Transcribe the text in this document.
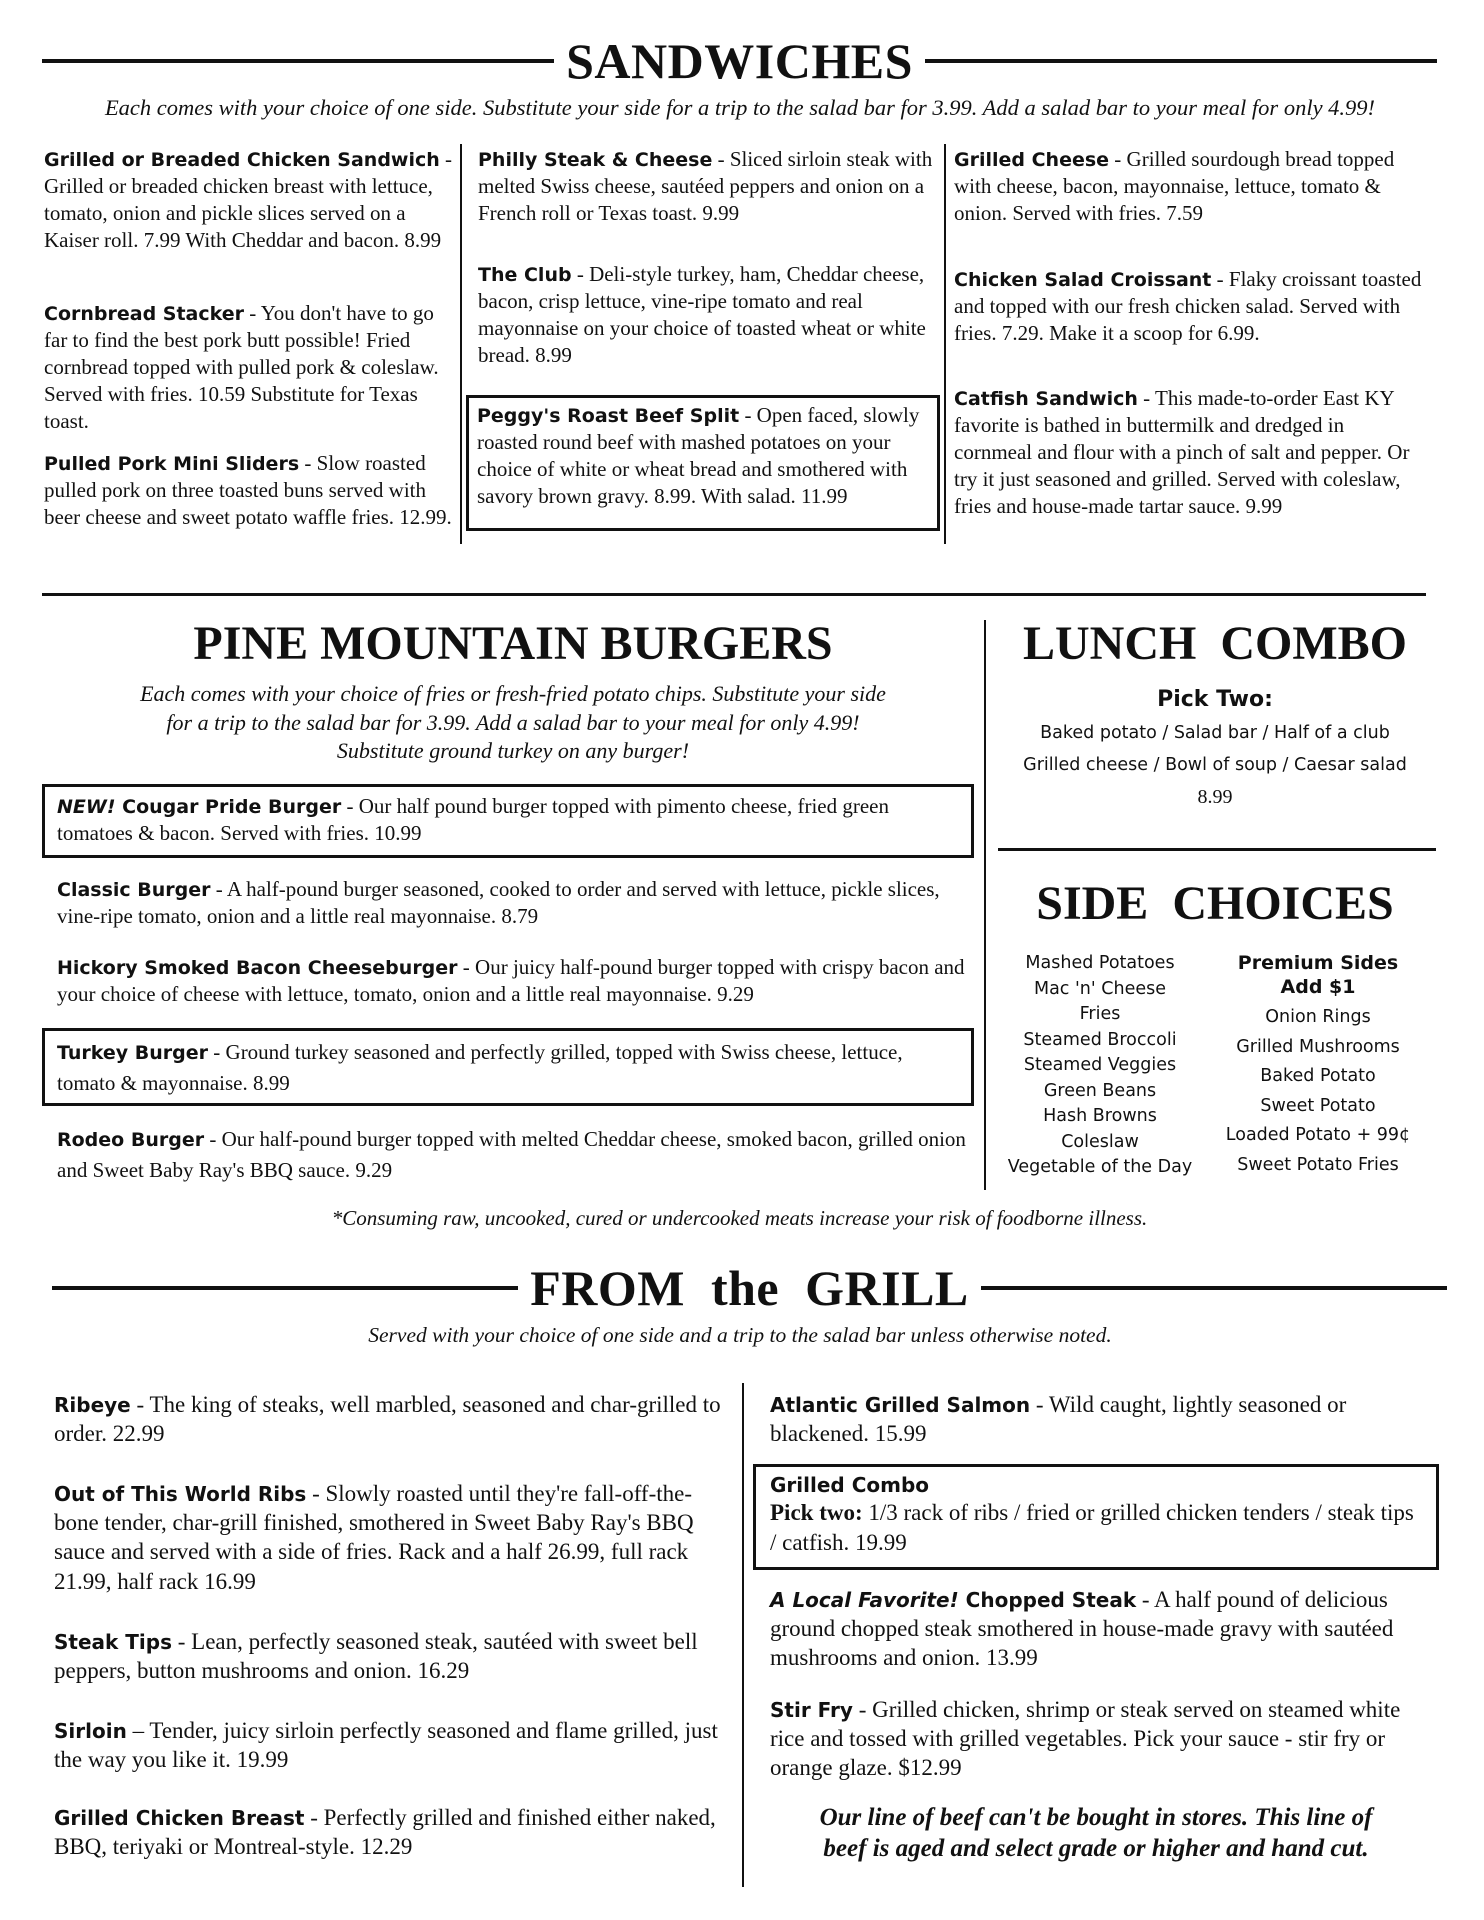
SANDWICHES
Each comes with your choice of one side. Substitute your side for a trip to the salad bar for 3.99. Add a salad bar to your meal for only 4.99!
Grilled or Breaded Chicken Sandwich - Grilled or breaded chicken breast with lettuce, tomato, onion and pickle slices served on a Kaiser roll. 7.99 With Cheddar and bacon. 8.99
Cornbread Stacker - You don't have to go far to find the best pork butt possible! Fried cornbread topped with pulled pork & coleslaw. Served with fries. 10.59 Substitute for Texas toast.
Pulled Pork Mini Sliders - Slow roasted pulled pork on three toasted buns served with beer cheese and sweet potato waffle fries. 12.99.
Philly Steak & Cheese - Sliced sirloin steak with melted Swiss cheese, sautéed peppers and onion on a French roll or Texas toast. 9.99
The Club - Deli-style turkey, ham, Cheddar cheese, bacon, crisp lettuce, vine-ripe tomato and real mayonnaise on your choice of toasted wheat or white bread. 8.99
Peggy's Roast Beef Split - Open faced, slowly roasted round beef with mashed potatoes on your choice of white or wheat bread and smothered with savory brown gravy. 8.99. With salad. 11.99
Grilled Cheese - Grilled sourdough bread topped with cheese, bacon, mayonnaise, lettuce, tomato & onion. Served with fries. 7.59
Chicken Salad Croissant - Flaky croissant toasted and topped with our fresh chicken salad. Served with fries. 7.29. Make it a scoop for 6.99.
Catfish Sandwich - This made-to-order East KY favorite is bathed in buttermilk and dredged in cornmeal and flour with a pinch of salt and pepper. Or try it just seasoned and grilled. Served with coleslaw, fries and house-made tartar sauce. 9.99
PINE MOUNTAIN BURGERS
Each comes with your choice of fries or fresh-fried potato chips. Substitute your side
for a trip to the salad bar for 3.99. Add a salad bar to your meal for only 4.99!
Substitute ground turkey on any burger!
NEW! Cougar Pride Burger - Our half pound burger topped with pimento cheese, fried green tomatoes & bacon. Served with fries. 10.99
Classic Burger - A half-pound burger seasoned, cooked to order and served with lettuce, pickle slices, vine-ripe tomato, onion and a little real mayonnaise. 8.79
Hickory Smoked Bacon Cheeseburger - Our juicy half-pound burger topped with crispy bacon and your choice of cheese with lettuce, tomato, onion and a little real mayonnaise. 9.29
Turkey Burger - Ground turkey seasoned and perfectly grilled, topped with Swiss cheese, lettuce, tomato & mayonnaise. 8.99
Rodeo Burger - Our half-pound burger topped with melted Cheddar cheese, smoked bacon, grilled onion and Sweet Baby Ray's BBQ sauce. 9.29
LUNCH  COMBO
Pick Two:
Baked potato / Salad bar / Half of a club
Grilled cheese / Bowl of soup / Caesar salad
8.99
SIDE  CHOICES
Mashed Potatoes
Mac 'n' Cheese
Fries
Steamed Broccoli
Steamed Veggies
Green Beans
Hash Browns
Coleslaw
Vegetable of the Day
Premium Sides
Add $1
Onion Rings
Grilled Mushrooms
Baked Potato
Sweet Potato
Loaded Potato + 99¢
Sweet Potato Fries
*Consuming raw, uncooked, cured or undercooked meats increase your risk of foodborne illness.
FROM  the  GRILL
Served with your choice of one side and a trip to the salad bar unless otherwise noted.
Ribeye - The king of steaks, well marbled, seasoned and char-grilled to order. 22.99
Out of This World Ribs - Slowly roasted until they're fall-off-the-bone tender, char-grill finished, smothered in Sweet Baby Ray's BBQ sauce and served with a side of fries. Rack and a half 26.99, full rack 21.99, half rack 16.99
Steak Tips - Lean, perfectly seasoned steak, sautéed with sweet bell peppers, button mushrooms and onion. 16.29
Sirloin – Tender, juicy sirloin perfectly seasoned and flame grilled, just the way you like it. 19.99
Grilled Chicken Breast - Perfectly grilled and finished either naked, BBQ, teriyaki or Montreal-style. 12.29
Atlantic Grilled Salmon - Wild caught, lightly seasoned or blackened. 15.99
Grilled Combo
Pick two: 1/3 rack of ribs / fried or grilled chicken tenders / steak tips / catfish. 19.99
A Local Favorite! Chopped Steak - A half pound of delicious ground chopped steak smothered in house-made gravy with sautéed mushrooms and onion. 13.99
Stir Fry - Grilled chicken, shrimp or steak served on steamed white rice and tossed with grilled vegetables. Pick your sauce - stir fry or orange glaze. $12.99
Our line of beef can't be bought in stores. This line of
beef is aged and select grade or higher and hand cut.
